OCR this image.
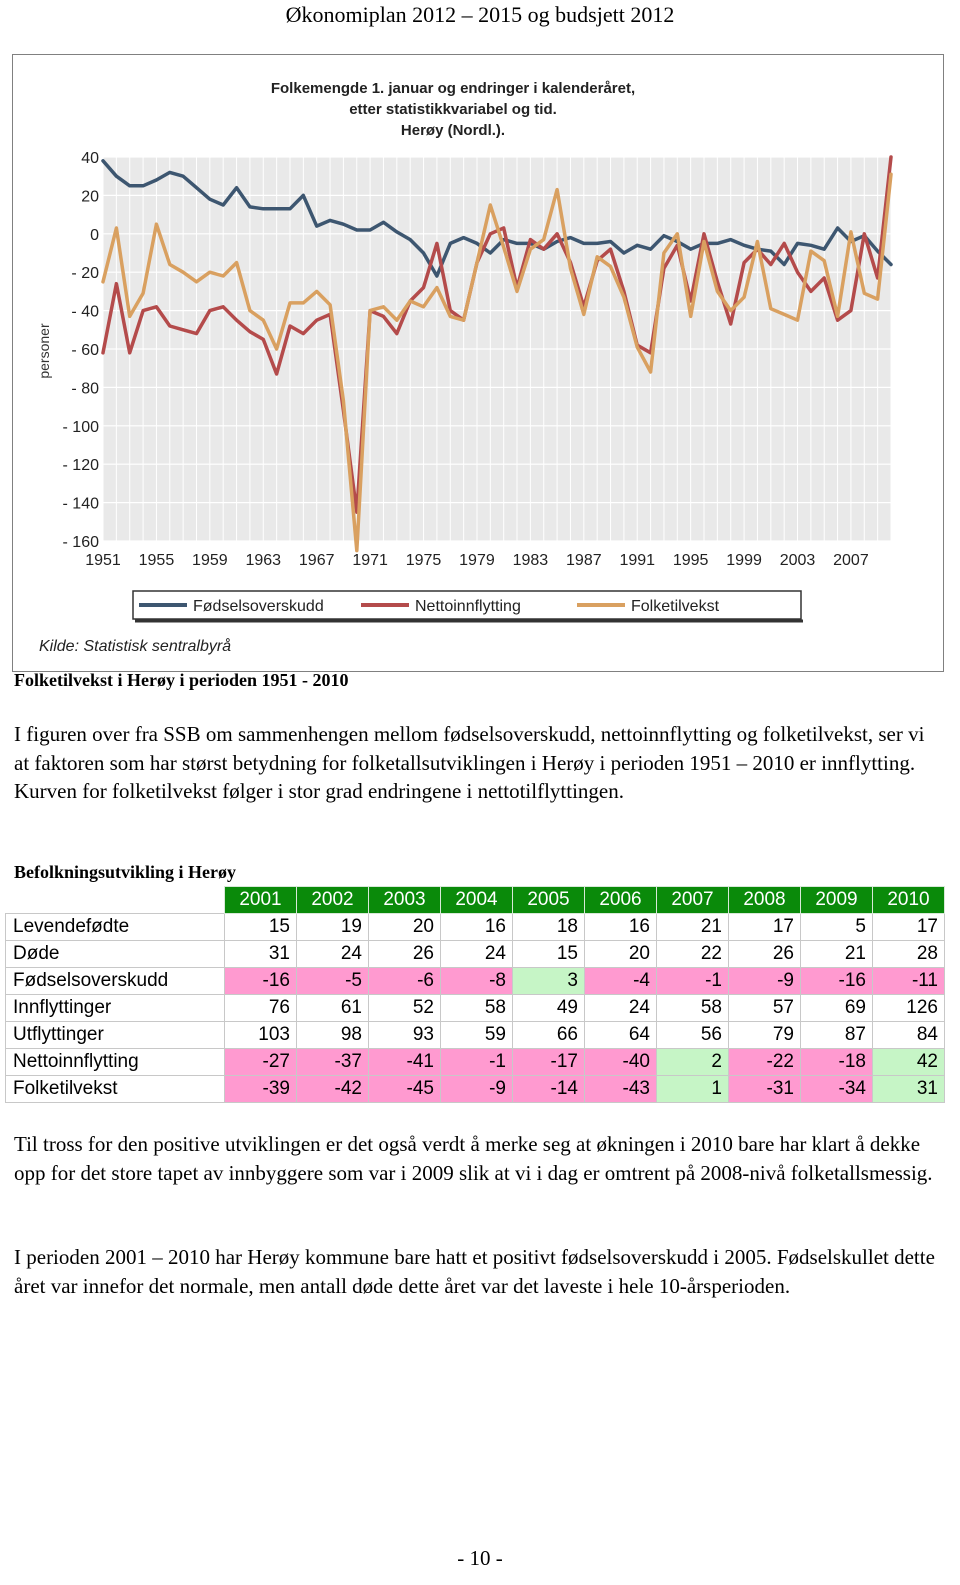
Økonomiplan 2012 – 2015 og budsjett 2012
Folkemengde 1. januar og endringer i kalenderåret,
etter statistikkvariabel og tid.
Herøy (Nordl.).
40
20
0
- 20
- 40
- 60
- 80
- 100
- 120
- 140
- 160
1951 1955 1959 1963 1967 1971 1975 1979 1983 1987 1991 1995 1999 2003 2007
personer
Fødselsoverskudd	Nettoinnflytting	Folketilvekst
Kilde: Statistisk sentralbyrå
Folketilvekst i Herøy i perioden 1951 - 2010
I figuren over fra SSB om sammenhengen mellom fødselsoverskudd, nettoinnflytting og folketilvekst, ser vi at faktoren som har størst betydning for folketallsutviklingen i Herøy i perioden 1951 – 2010 er innflytting. Kurven for folketilvekst følger i stor grad endringene i nettotilflyttingen.
Befolkningsutvikling i Herøy
	2001	2002	2003	2004	2005	2006	2007	2008	2009	2010
Levendefødte	15	19	20	16	18	16	21	17	5	17
Døde	31	24	26	24	15	20	22	26	21	28
Fødselsoverskudd	-16	-5	-6	-8	3	-4	-1	-9	-16	-11
Innflyttinger	76	61	52	58	49	24	58	57	69	126
Utflyttinger	103	98	93	59	66	64	56	79	87	84
Nettoinnflytting	-27	-37	-41	-1	-17	-40	2	-22	-18	42
Folketilvekst	-39	-42	-45	-9	-14	-43	1	-31	-34	31
Til tross for den positive utviklingen er det også verdt å merke seg at økningen i 2010 bare har klart å dekke opp for det store tapet av innbyggere som var i 2009 slik at vi i dag er omtrent på 2008-nivå folketallsmessig.
I perioden 2001 – 2010 har Herøy kommune bare hatt et positivt fødselsoverskudd i 2005. Fødselskullet dette året var innefor det normale, men antall døde dette året var det laveste i hele 10-årsperioden.
- 10 -
